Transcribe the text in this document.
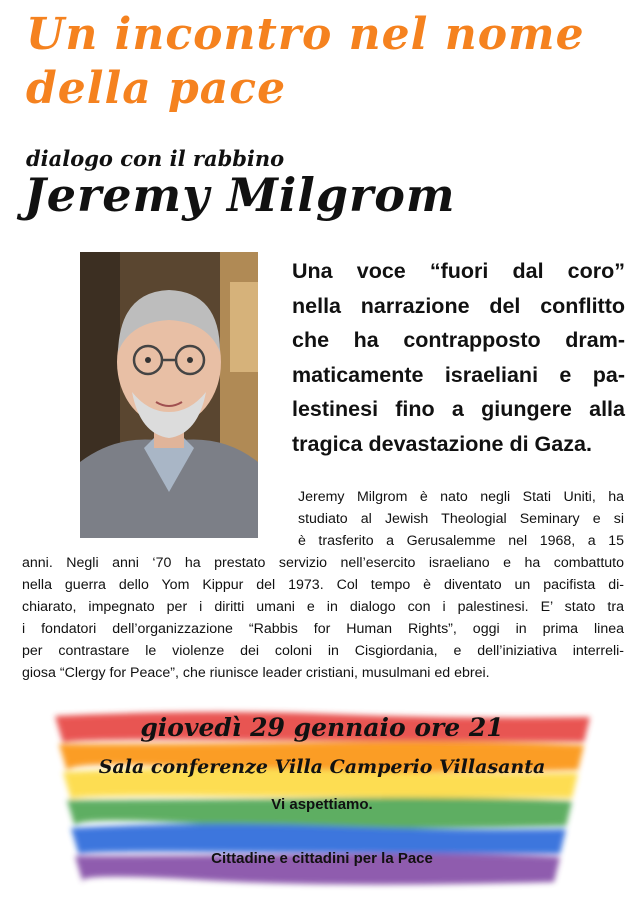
Un incontro nel nome
della pace

dialogo con il rabbino

Jeremy Milgrom

Una voce “fuori dal coro”
nella narrazione del conflitto
che ha contrapposto dram-
maticamente israeliani e pa-
lestinesi fino a giungere alla
tragica devastazione di Gaza.

Jeremy Milgrom è nato negli Stati Uniti, ha
studiato al Jewish Theologial Seminary e si
è trasferito a Gerusalemme nel 1968, a 15
anni. Negli anni ‘70 ha prestato servizio nell’esercito israeliano e ha combattuto
nella guerra dello Yom Kippur del 1973. Col tempo è diventato un pacifista di-
chiarato, impegnato per i diritti umani e in dialogo con i palestinesi. E’ stato tra
i fondatori dell’organizzazione “Rabbis for Human Rights”, oggi in prima linea
per contrastare le violenze dei coloni in Cisgiordania, e dell’iniziativa interreli-
giosa “Clergy for Peace”, che riunisce leader cristiani, musulmani ed ebrei.

giovedì 29 gennaio ore 21

Sala conferenze Villa Camperio Villasanta

Vi aspettiamo.

Cittadine e cittadini per la Pace
